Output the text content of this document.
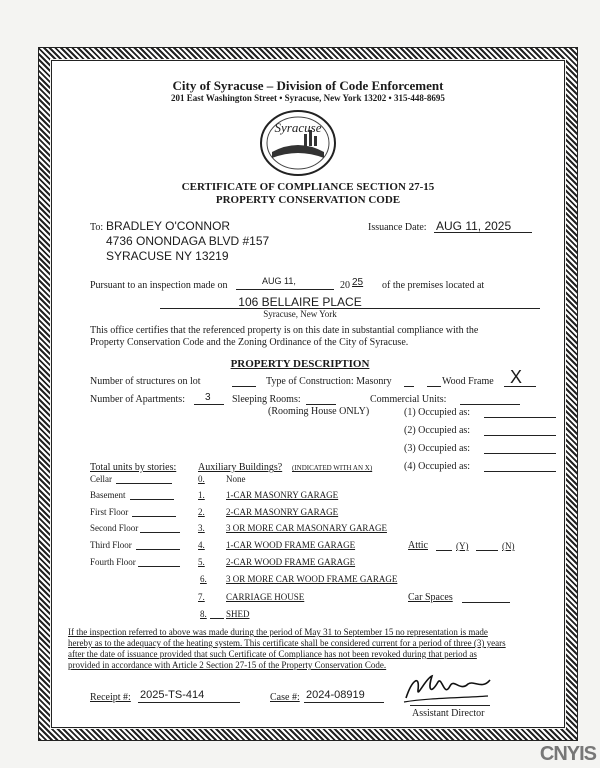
City of Syracuse – Division of Code Enforcement
201 East Washington Street • Syracuse, New York 13202 • 315-448-8695
Syracuse
CERTIFICATE OF COMPLIANCE SECTION 27-15
PROPERTY CONSERVATION CODE
To: BRADLEY O'CONNOR
4736 ONONDAGA BLVD #157
SYRACUSE NY 13219
Issuance Date: AUG 11, 2025
Pursuant to an inspection made on	AUG 11,	20 25 of the premises located at
106 BELLAIRE PLACE
Syracuse, New York
This office certifies that the referenced property is on this date in substantial compliance with the
Property Conservation Code and the Zoning Ordinance of the City of Syracuse.
PROPERTY DESCRIPTION
Number of structures on lot	Type of Construction: Masonry	Wood Frame X
Number of Apartments: 3 Sleeping Rooms:
(Rooming House ONLY)
Commercial Units:
(1) Occupied as:
(2) Occupied as:
(3) Occupied as:
(4) Occupied as:
Total units by stories:
Cellar
Basement
First Floor
Second Floor
Third Floor
Fourth Floor
Auxiliary Buildings? (INDICATED WITH AN X)
0. None
1. 1-CAR MASONRY GARAGE
2. 2-CAR MASONRY GARAGE
3. 3 OR MORE CAR MASONARY GARAGE
4. 1-CAR WOOD FRAME GARAGE
5. 2-CAR WOOD FRAME GARAGE
6. 3 OR MORE CAR WOOD FRAME GARAGE
7. CARRIAGE HOUSE
8. SHED
Attic	(Y)	(N)
Car Spaces
If the inspection referred to above was made during the period of May 31 to September 15 no representation is made
hereby as to the adequacy of the heating system. This certificate shall be considered current for a period of three (3) years
after the date of issuance provided that such Certificate of Compliance has not been revoked during that period as
provided in accordance with Article 2 Section 27-15 of the Property Conservation Code.
Receipt #: 2025-TS-414	Case #: 2024-08919
Assistant Director
CNYIS
